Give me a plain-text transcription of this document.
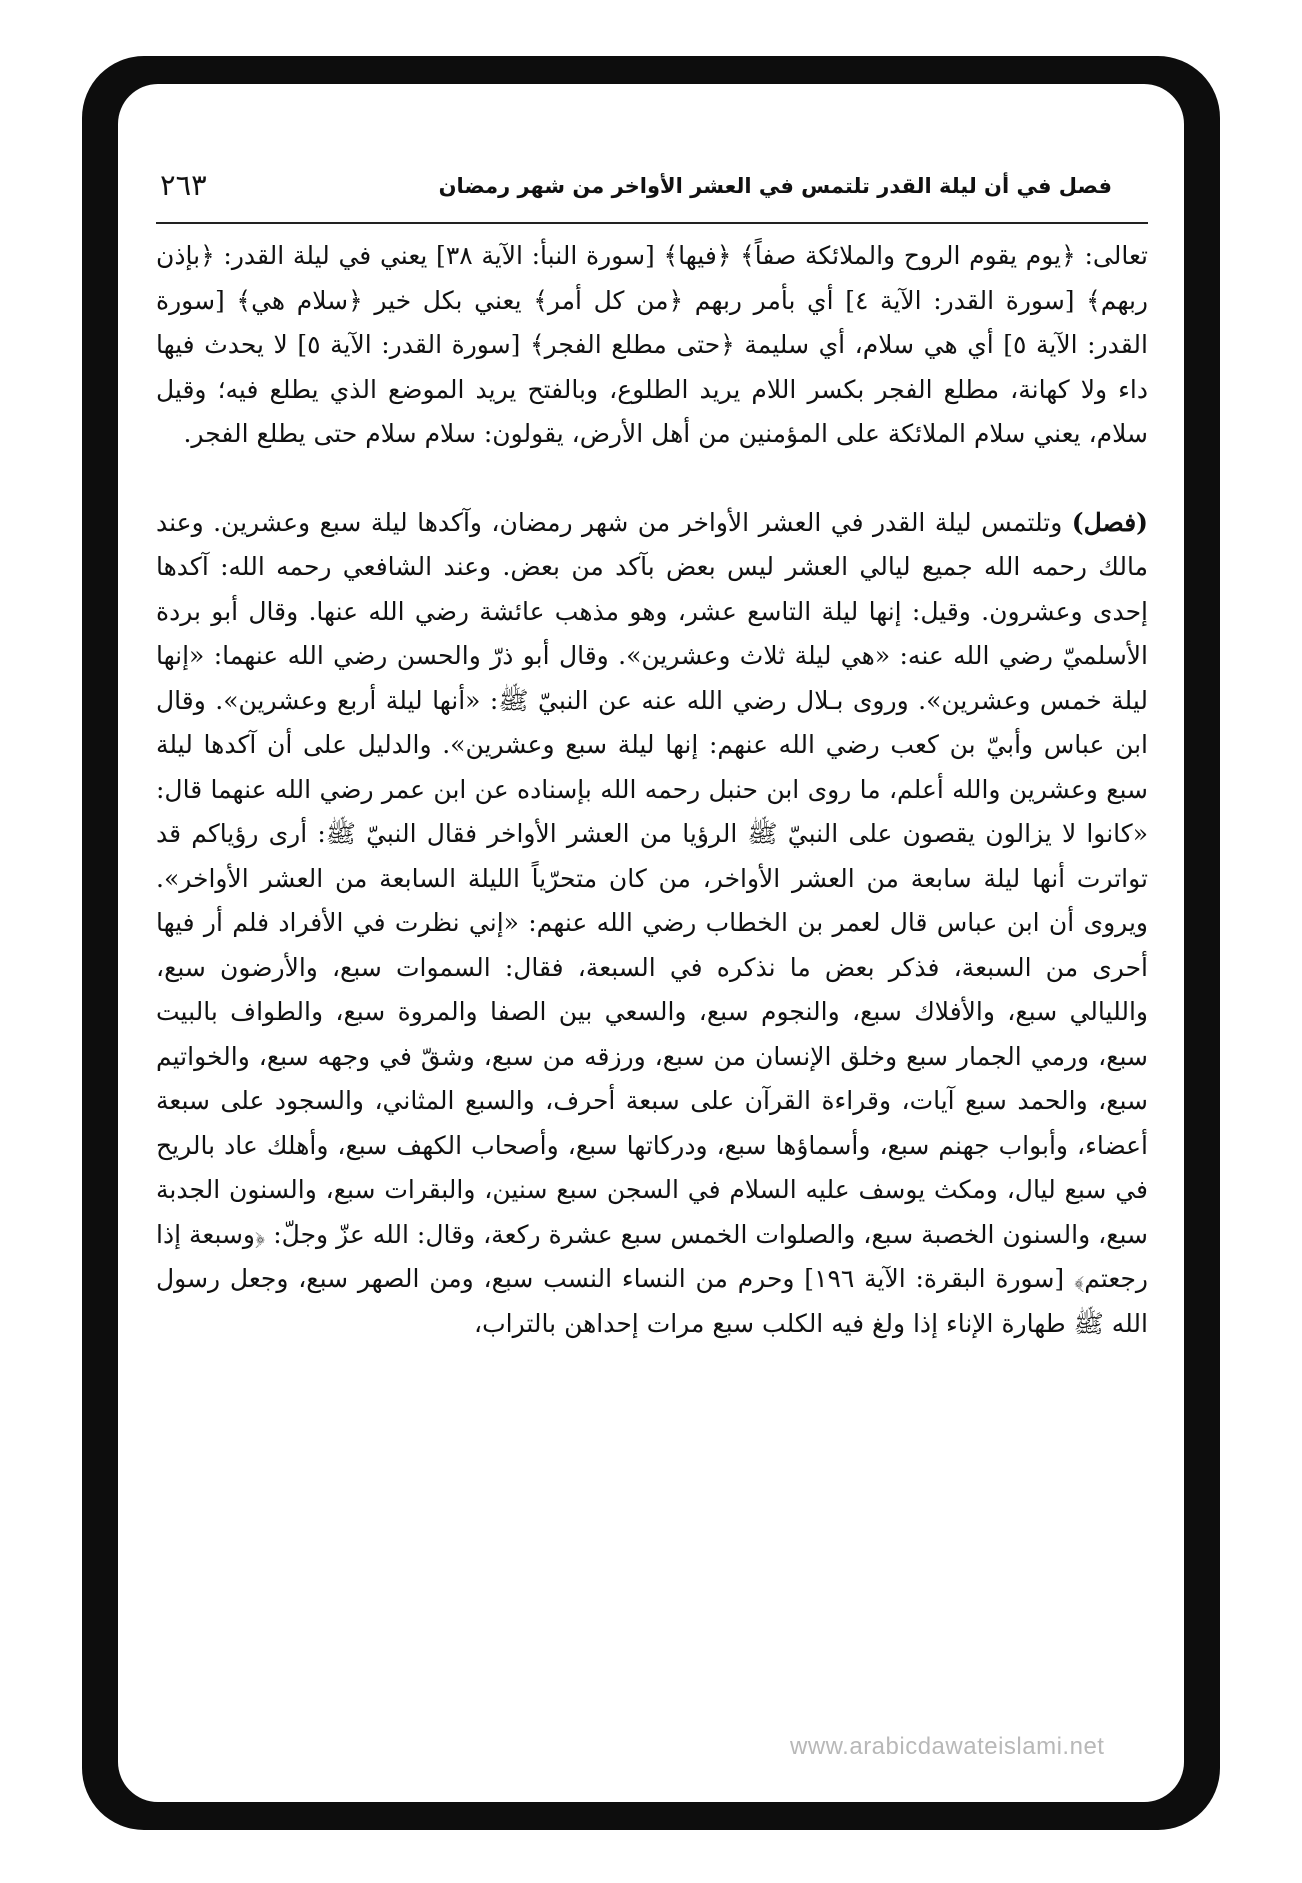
فصل في أن ليلة القدر تلتمس في العشر الأواخر من شهر رمضان
٢٦٣

تعالى: ﴿يوم يقوم الروح والملائكة صفاً﴾ ﴿فيها﴾ [سورة النبأ: الآية ٣٨] يعني في ليلة القدر: ﴿بإذن ربهم﴾ [سورة القدر: الآية ٤] أي بأمر ربهم ﴿من كل أمر﴾ يعني بكل خير ﴿سلام هي﴾ [سورة القدر: الآية ٥] أي هي سلام، أي سليمة ﴿حتى مطلع الفجر﴾ [سورة القدر: الآية ٥] لا يحدث فيها داء ولا كهانة، مطلع الفجر بكسر اللام يريد الطلوع، وبالفتح يريد الموضع الذي يطلع فيه؛ وقيل سلام، يعني سلام الملائكة على المؤمنين من أهل الأرض، يقولون: سلام سلام حتى يطلع الفجر.

(فصل) وتلتمس ليلة القدر في العشر الأواخر من شهر رمضان، وآكدها ليلة سبع وعشرين. وعند مالك رحمه الله جميع ليالي العشر ليس بعض بآكد من بعض. وعند الشافعي رحمه الله: آكدها إحدى وعشرون. وقيل: إنها ليلة التاسع عشر، وهو مذهب عائشة رضي الله عنها. وقال أبو بردة الأسلميّ رضي الله عنه: «هي ليلة ثلاث وعشرين». وقال أبو ذرّ والحسن رضي الله عنهما: «إنها ليلة خمس وعشرين». وروى بـلال رضي الله عنه عن النبيّ ﷺ: «أنها ليلة أربع وعشرين». وقال ابن عباس وأبيّ بن كعب رضي الله عنهم: إنها ليلة سبع وعشرين». والدليل على أن آكدها ليلة سبع وعشرين والله أعلم، ما روى ابن حنبل رحمه الله بإسناده عن ابن عمر رضي الله عنهما قال: «كانوا لا يزالون يقصون على النبيّ ﷺ الرؤيا من العشر الأواخر فقال النبيّ ﷺ: أرى رؤياكم قد تواترت أنها ليلة سابعة من العشر الأواخر، من كان متحرّياً الليلة السابعة من العشر الأواخر». ويروى أن ابن عباس قال لعمر بن الخطاب رضي الله عنهم: «إني نظرت في الأفراد فلم أر فيها أحرى من السبعة، فذكر بعض ما نذكره في السبعة، فقال: السموات سبع، والأرضون سبع، والليالي سبع، والأفلاك سبع، والنجوم سبع، والسعي بين الصفا والمروة سبع، والطواف بالبيت سبع، ورمي الجمار سبع وخلق الإنسان من سبع، ورزقه من سبع، وشقّ في وجهه سبع، والخواتيم سبع، والحمد سبع آيات، وقراءة القرآن على سبعة أحرف، والسبع المثاني، والسجود على سبعة أعضاء، وأبواب جهنم سبع، وأسماؤها سبع، ودركاتها سبع، وأصحاب الكهف سبع، وأهلك عاد بالريح في سبع ليال، ومكث يوسف عليه السلام في السجن سبع سنين، والبقرات سبع، والسنون الجدبة سبع، والسنون الخصبة سبع، والصلوات الخمس سبع عشرة ركعة، وقال: الله عزّ وجلّ: ﴿وسبعة إذا رجعتم﴾ [سورة البقرة: الآية ١٩٦] وحرم من النساء النسب سبع، ومن الصهر سبع، وجعل رسول الله ﷺ طهارة الإناء إذا ولغ فيه الكلب سبع مرات إحداهن بالتراب،

www.arabicdawateislami.net
